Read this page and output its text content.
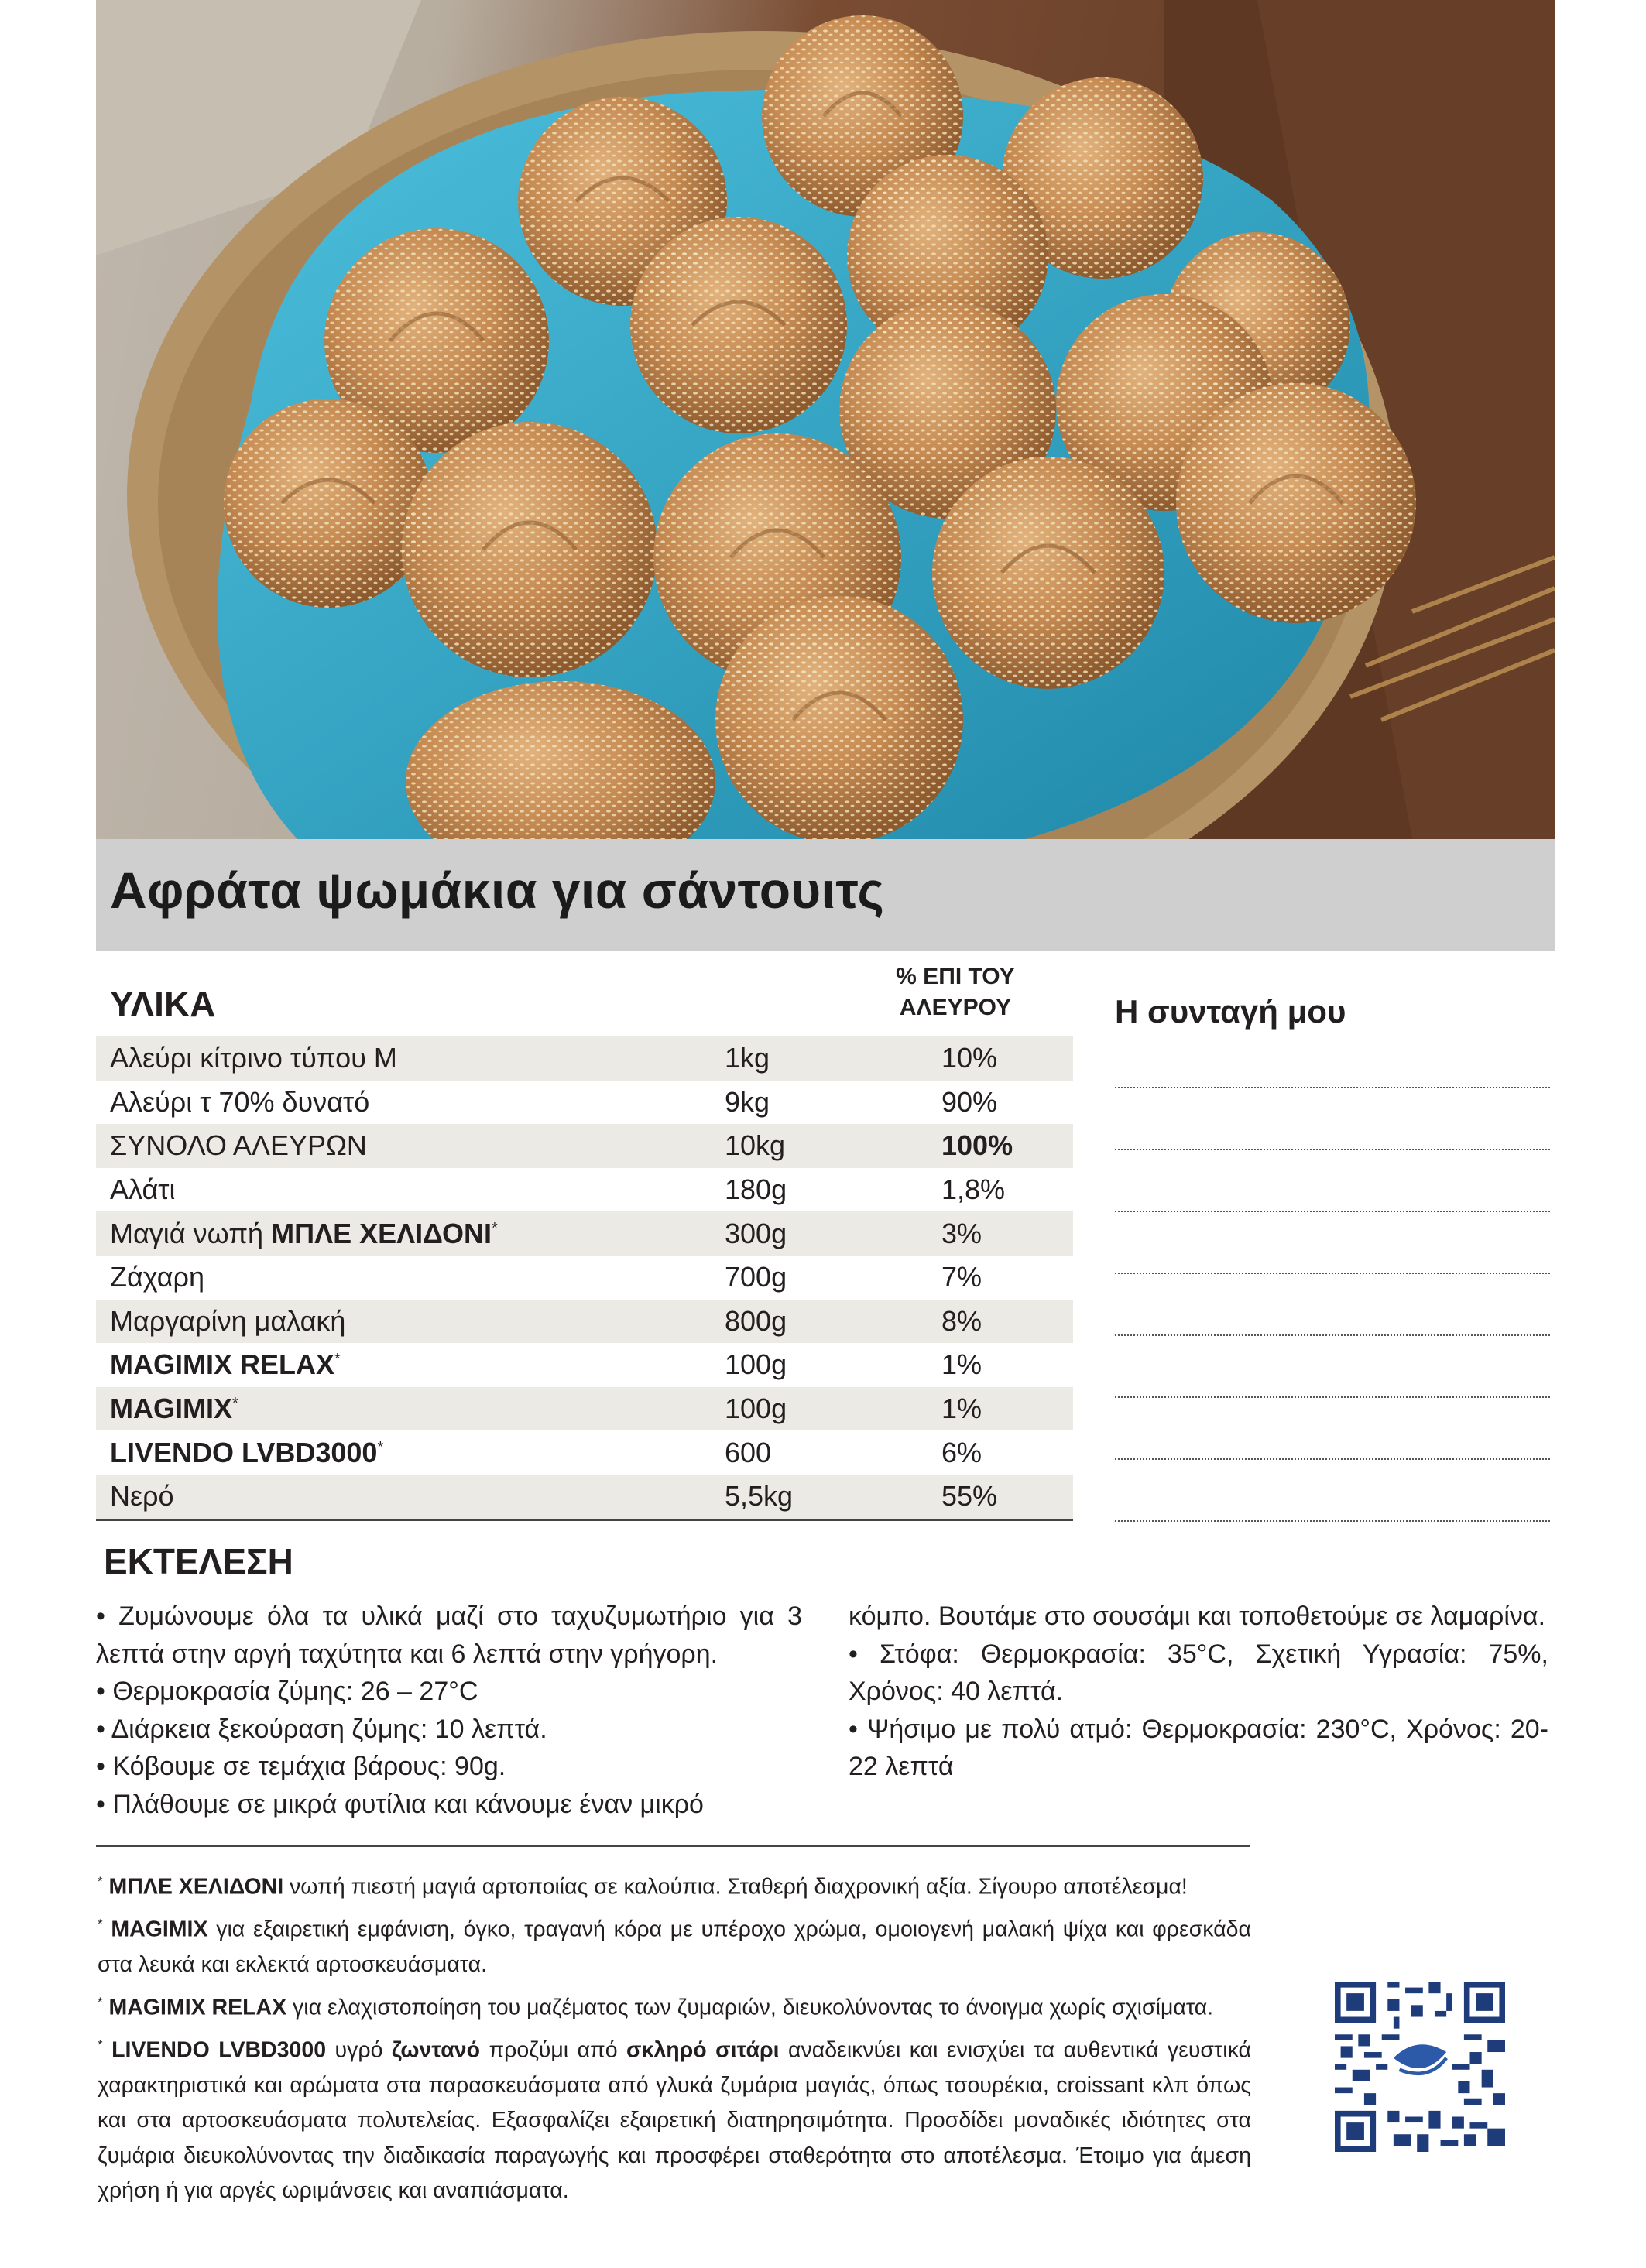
Αφράτα ψωμάκια για σάντουιτς
ΥΛΙΚΑ
% ΕΠΙ ΤΟΥ
ΑΛΕΥΡΟΥ
Αλεύρι κίτρινο τύπου Μ	1kg	10%
Αλεύρι τ 70% δυνατό	9kg	90%
ΣΥΝΟΛΟ ΑΛΕΥΡΩΝ	10kg	100%
Αλάτι	180g	1,8%
Μαγιά νωπή ΜΠΛΕ ΧΕΛΙΔΟΝΙ*	300g	3%
Ζάχαρη	700g	7%
Μαργαρίνη μαλακή	800g	8%
MAGIMIX RELAX*	100g	1%
MAGIMIX*	100g	1%
LIVENDO LVBD3000*	600	6%
Νερό	5,5kg	55%
Η συνταγή μου
ΕΚΤΕΛΕΣΗ

• Ζυμώνουμε όλα τα υλικά μαζί στο ταχυζυμωτήριο για 3 λεπτά στην αργή ταχύτητα και 6 λεπτά στην γρήγορη.

• Θερμοκρασία ζύμης: 26 – 27°C

• Διάρκεια ξεκούραση ζύμης: 10 λεπτά.

• Κόβουμε σε τεμάχια βάρους: 90g.

• Πλάθουμε σε μικρά φυτίλια και κάνουμε έναν μικρό

κόμπο. Βουτάμε στο σουσάμι και τοποθετούμε σε λαμαρίνα.

• Στόφα: Θερμοκρασία: 35°C, Σχετική Υγρασία: 75%, Χρόνος: 40 λεπτά.

• Ψήσιμο με πολύ ατμό: Θερμοκρασία: 230°C, Χρόνος: 20-22 λεπτά

* ΜΠΛΕ ΧΕΛΙΔΟΝΙ νωπή πιεστή μαγιά αρτοποιίας σε καλούπια. Σταθερή διαχρονική αξία. Σίγουρο αποτέλεσμα!

* MAGIMIX για εξαιρετική εμφάνιση, όγκο, τραγανή κόρα με υπέροχο χρώμα, ομοιογενή μαλακή ψίχα και φρεσκάδα στα λευκά και εκλεκτά αρτοσκευάσματα.

* MAGIMIX RELAX για ελαχιστοποίηση του μαζέματος των ζυμαριών, διευκολύνοντας το άνοιγμα χωρίς σχισίματα.

* LIVENDO LVBD3000 υγρό ζωντανό προζύμι από σκληρό σιτάρι αναδεικνύει και ενισχύει τα αυθεντικά γευστικά χαρακτηριστικά και αρώματα στα παρασκευάσματα από γλυκά ζυμάρια μαγιάς, όπως τσουρέκια, croissant κλπ όπως και στα αρτοσκευάσματα πολυτελείας. Εξασφαλίζει εξαιρετική διατηρησιμότητα. Προσδίδει μοναδικές ιδιότητες στα ζυμάρια διευκολύνοντας την διαδικασία παραγωγής και προσφέρει σταθερότητα στο αποτέλεσμα. Έτοιμο για άμεση χρήση ή για αργές ωριμάνσεις και αναπιάσματα.
